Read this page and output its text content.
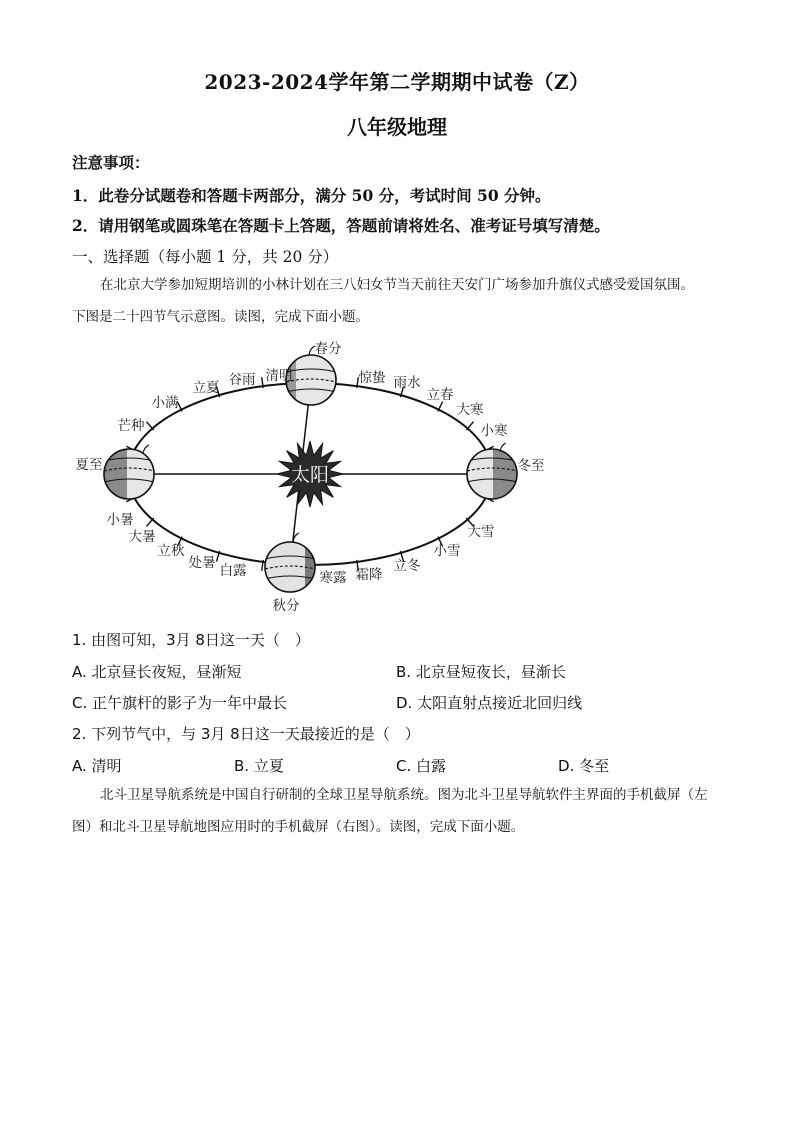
2023-2024学年第二学期期中试卷（Z）
八年级地理
注意事项：
1．此卷分试题卷和答题卡两部分，满分 50 分，考试时间 50 分钟。
2．请用钢笔或圆珠笔在答题卡上答题，答题前请将姓名、准考证号填写清楚。
一、选择题（每小题 1 分，共 20 分）
在北京大学参加短期培训的小林计划在三八妇女节当天前往天安门广场参加升旗仪式感受爱国氛围。
下图是二十四节气示意图。读图，完成下面小题。
太阳
春分
惊蛰 雨水
立春
大寒
小寒
冬至
大雪
小雪
立冬
霜降
寒露
秋分
白露
处暑
立秋
大暑
小暑
夏至
芒种
小满
立夏 谷雨 清明
1. 由图可知，3月 8日这一天（　）
A. 北京昼长夜短，昼渐短	B. 北京昼短夜长，昼渐长
C. 正午旗杆的影子为一年中最长	D. 太阳直射点接近北回归线
2. 下列节气中，与 3月 8日这一天最接近的是（　）
A. 清明	B. 立夏	C. 白露	D. 冬至
北斗卫星导航系统是中国自行研制的全球卫星导航系统。图为北斗卫星导航软件主界面的手机截屏（左
图）和北斗卫星导航地图应用时的手机截屏（右图）。读图，完成下面小题。
